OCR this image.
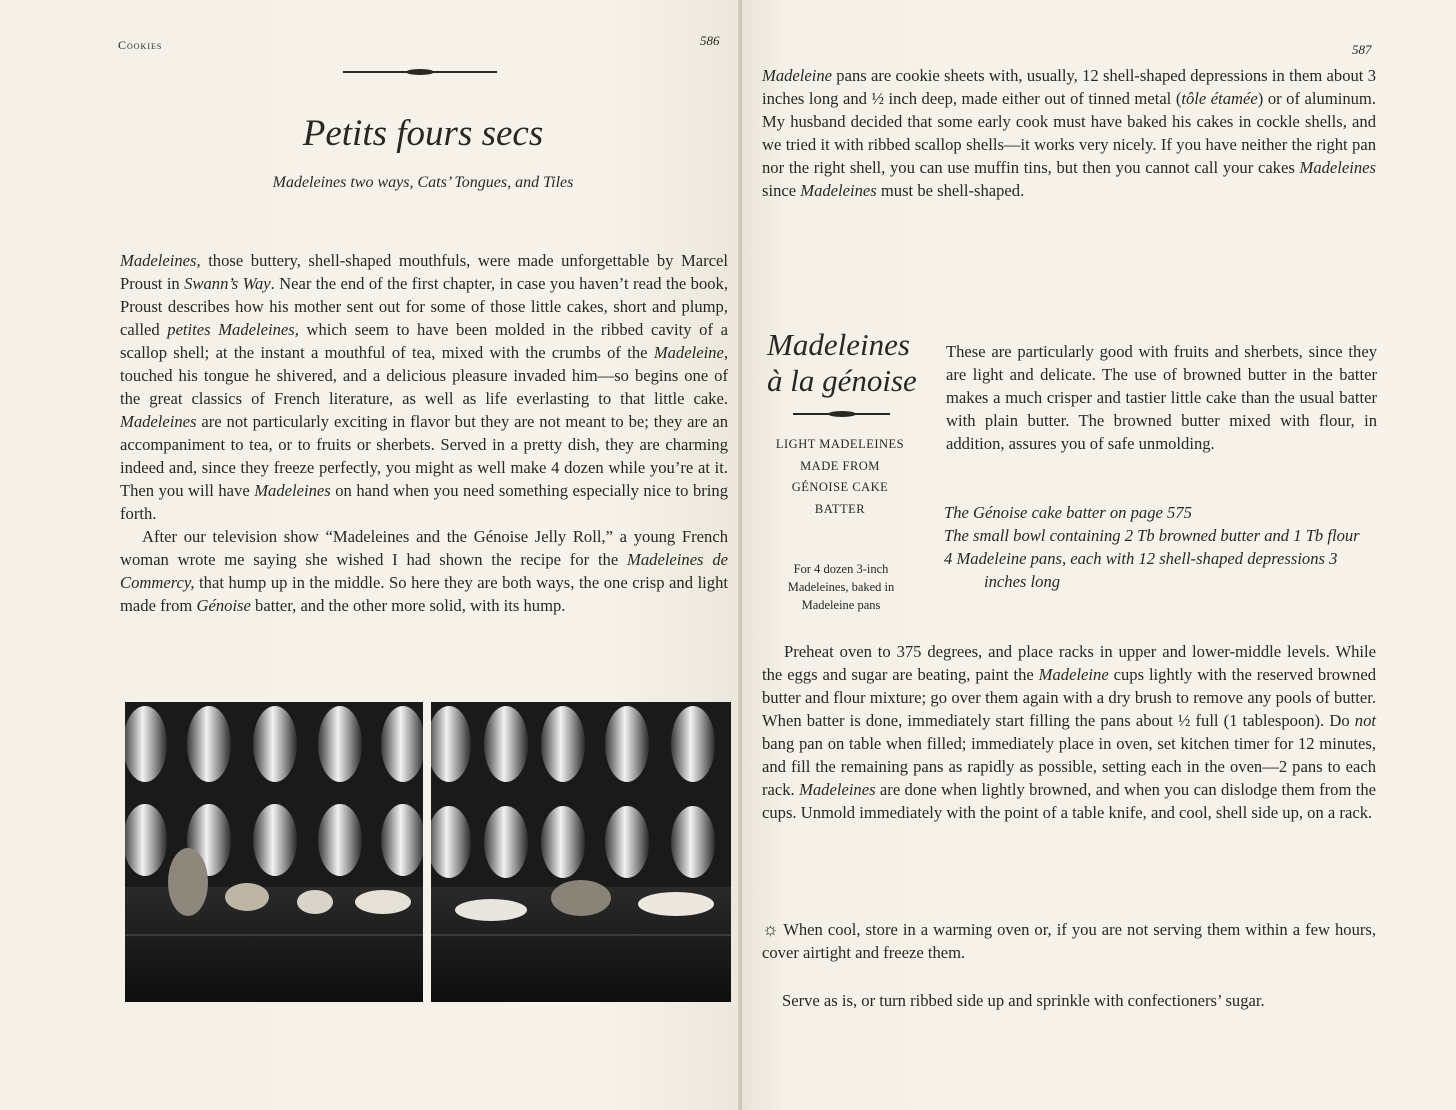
Cookies	586
Petits fours secs
Madeleines two ways, Cats’ Tongues, and Tiles

Madeleines, those buttery, shell-shaped mouthfuls, were made unforgettable by Marcel Proust in Swann’s Way. Near the end of the first chapter, in case you haven’t read the book, Proust describes how his mother sent out for some of those little cakes, short and plump, called petites Madeleines, which seem to have been molded in the ribbed cavity of a scallop shell; at the instant a mouthful of tea, mixed with the crumbs of the Madeleine, touched his tongue he shivered, and a delicious pleasure invaded him—so begins one of the great classics of French literature, as well as life everlasting to that little cake. Madeleines are not particularly exciting in flavor but they are not meant to be; they are an accompaniment to tea, or to fruits or sherbets. Served in a pretty dish, they are charming indeed and, since they freeze perfectly, you might as well make 4 dozen while you’re at it. Then you will have Madeleines on hand when you need something especially nice to bring forth.

After our television show “Madeleines and the Génoise Jelly Roll,” a young French woman wrote me saying she wished I had shown the recipe for the Madeleines de Commercy, that hump up in the middle. So here they are both ways, the one crisp and light made from Génoise batter, and the other more solid, with its hump.

587

Madeleine pans are cookie sheets with, usually, 12 shell-shaped depressions in them about 3 inches long and ½ inch deep, made either out of tinned metal (tôle étamée) or of aluminum. My husband decided that some early cook must have baked his cakes in cockle shells, and we tried it with ribbed scallop shells—it works very nicely. If you have neither the right pan nor the right shell, you can use muffin tins, but then you cannot call your cakes Madeleines since Madeleines must be shell-shaped.

Madeleines
à la génoise
LIGHT MADELEINES
MADE FROM
GÉNOISE CAKE
BATTER
For 4 dozen 3-inch
Madeleines, baked in
Madeleine pans

These are particularly good with fruits and sherbets, since they are light and delicate. The use of browned butter in the batter makes a much crisper and tastier little cake than the usual batter with plain butter. The browned butter mixed with flour, in addition, assures you of safe unmolding.

The Génoise cake batter on page 575
The small bowl containing 2 Tb browned butter and 1 Tb flour
4 Madeleine pans, each with 12 shell-shaped depressions 3 inches long

Preheat oven to 375 degrees, and place racks in upper and lower-middle levels. While the eggs and sugar are beating, paint the Madeleine cups lightly with the reserved browned butter and flour mixture; go over them again with a dry brush to remove any pools of butter. When batter is done, immediately start filling the pans about ½ full (1 tablespoon). Do not bang pan on table when filled; immediately place in oven, set kitchen timer for 12 minutes, and fill the remaining pans as rapidly as possible, setting each in the oven—2 pans to each rack. Madeleines are done when lightly browned, and when you can dislodge them from the cups. Unmold immediately with the point of a table knife, and cool, shell side up, on a rack.

☼ When cool, store in a warming oven or, if you are not serving them within a few hours, cover airtight and freeze them.

Serve as is, or turn ribbed side up and sprinkle with confectioners’ sugar.
